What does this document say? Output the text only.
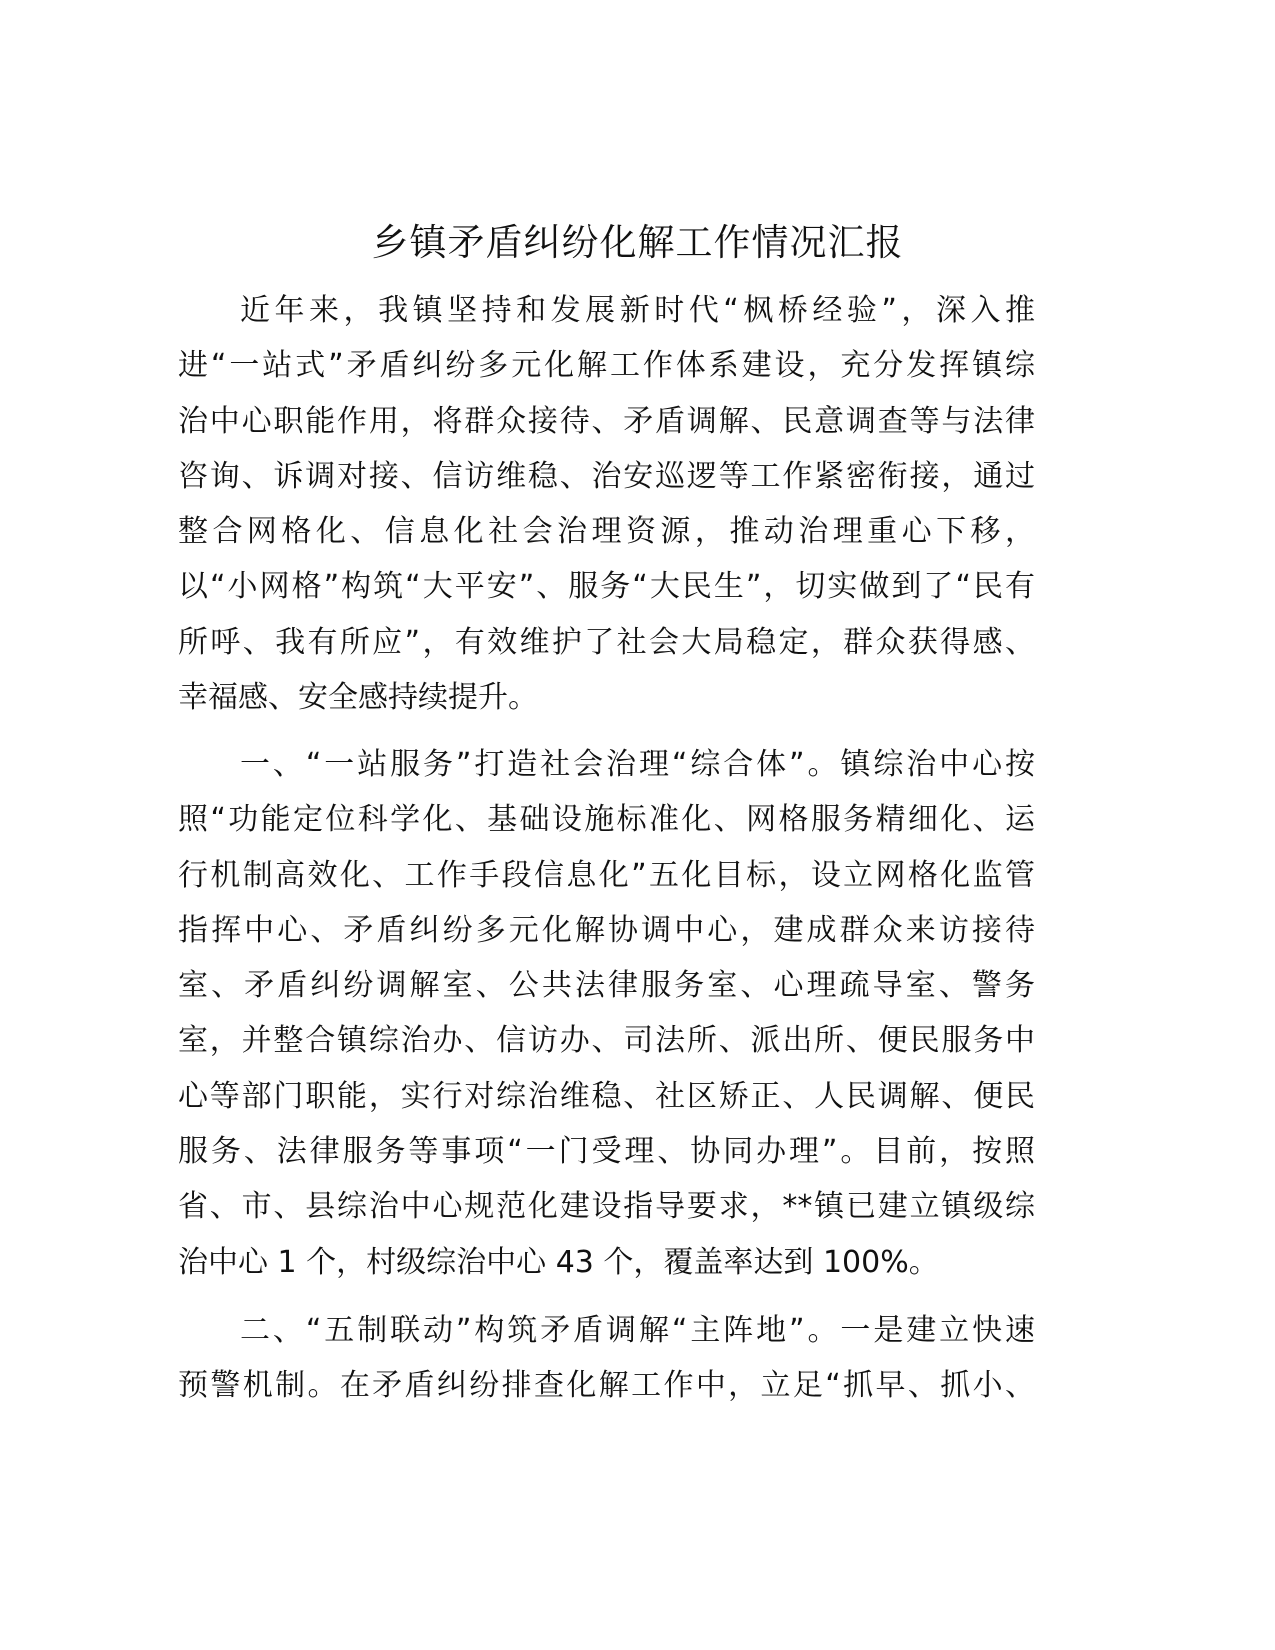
乡镇矛盾纠纷化解工作情况汇报
近年来，我镇坚持和发展新时代“枫桥经验”，深入推
进“一站式”矛盾纠纷多元化解工作体系建设，充分发挥镇综
治中心职能作用，将群众接待、矛盾调解、民意调查等与法律
咨询、诉调对接、信访维稳、治安巡逻等工作紧密衔接，通过
整合网格化、信息化社会治理资源，推动治理重心下移，
以“小网格”构筑“大平安”、服务“大民生”，切实做到了“民有
所呼、我有所应”，有效维护了社会大局稳定，群众获得感、
幸福感、安全感持续提升。
一、“一站服务”打造社会治理“综合体”。镇综治中心按
照“功能定位科学化、基础设施标准化、网格服务精细化、运
行机制高效化、工作手段信息化”五化目标，设立网格化监管
指挥中心、矛盾纠纷多元化解协调中心，建成群众来访接待
室、矛盾纠纷调解室、公共法律服务室、心理疏导室、警务
室，并整合镇综治办、信访办、司法所、派出所、便民服务中
心等部门职能，实行对综治维稳、社区矫正、人民调解、便民
服务、法律服务等事项“一门受理、协同办理”。目前，按照
省、市、县综治中心规范化建设指导要求，**镇已建立镇级综
治中心 1 个，村级综治中心 43 个，覆盖率达到 100%。
二、“五制联动”构筑矛盾调解“主阵地”。一是建立快速
预警机制。在矛盾纠纷排查化解工作中，立足“抓早、抓小、
